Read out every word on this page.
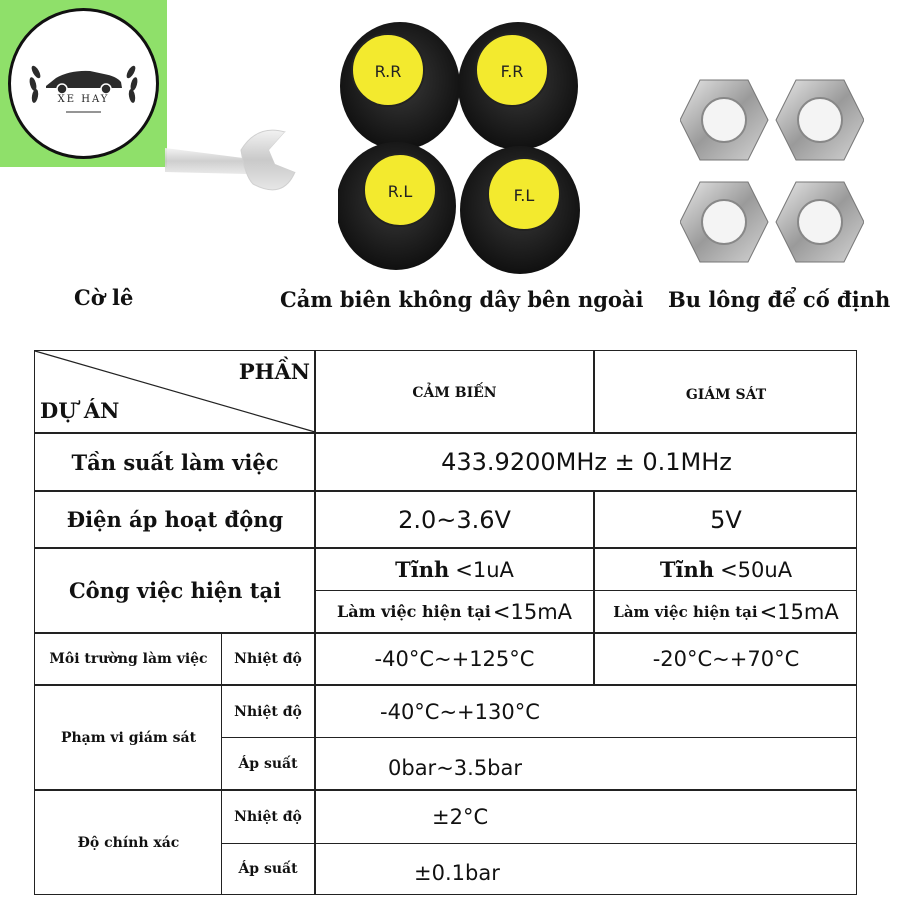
XE HAY
R.R	F.R
R.L	F.L
Cờ lê	Cảm biên không dây bên ngoài Bu lông để cố định
PHẦN
DỰ ÁN
CẢM BIẾN	GIÁM SÁT
Tần suất làm việc	433.9200MHz ± 0.1MHz
Điện áp hoạt động	2.0~3.6V	5V
Công việc hiện tại
Tĩnh <1uA	Tĩnh <50uA
Làm việc hiện tại <15mA	Làm việc hiện tại <15mA
Môi trường làm việc	Nhiệt độ	-40°C~+125°C	-20°C~+70°C
Phạm vi giám sát
Nhiệt độ	-40°C~+130°C
Áp suất	0bar~3.5bar
Độ chính xác
Nhiệt độ	±2°C
Áp suất	±0.1bar
